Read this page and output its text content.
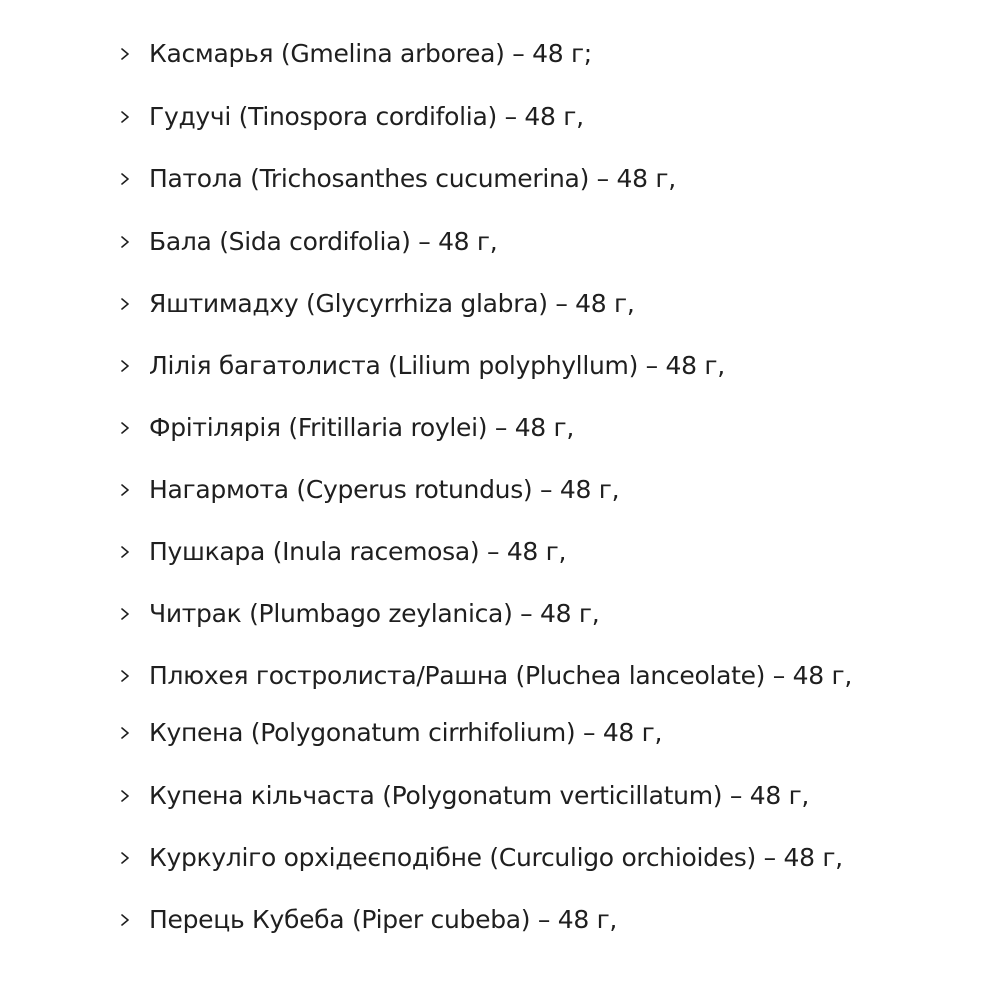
Касмарья (Gmelina arborea) – 48 г;
Гудучі (Tinospora cordifolia) – 48 г,
Патола (Trichosanthes cucumerina) – 48 г,
Бала (Sida cordifolia) – 48 г,
Яштимадху (Glycyrrhiza glabra) – 48 г,
Лілія багатолиста (Lilium polyphyllum) – 48 г,
Фрітілярія (Fritillaria roylei) – 48 г,
Нагармота (Cyperus rotundus) – 48 г,
Пушкара (Inula racemosa) – 48 г,
Читрак (Plumbago zeylanica) – 48 г,
Плюхея гостролиста/Рашна (Pluchea lanceolate) – 48 г,
Купена (Polygonatum cirrhifolium) – 48 г,
Купена кільчаста (Polygonatum verticillatum) – 48 г,
Куркуліго орхідеєподібне (Curculigo orchioides) – 48 г,
Перець Кубеба (Piper cubeba) – 48 г,
